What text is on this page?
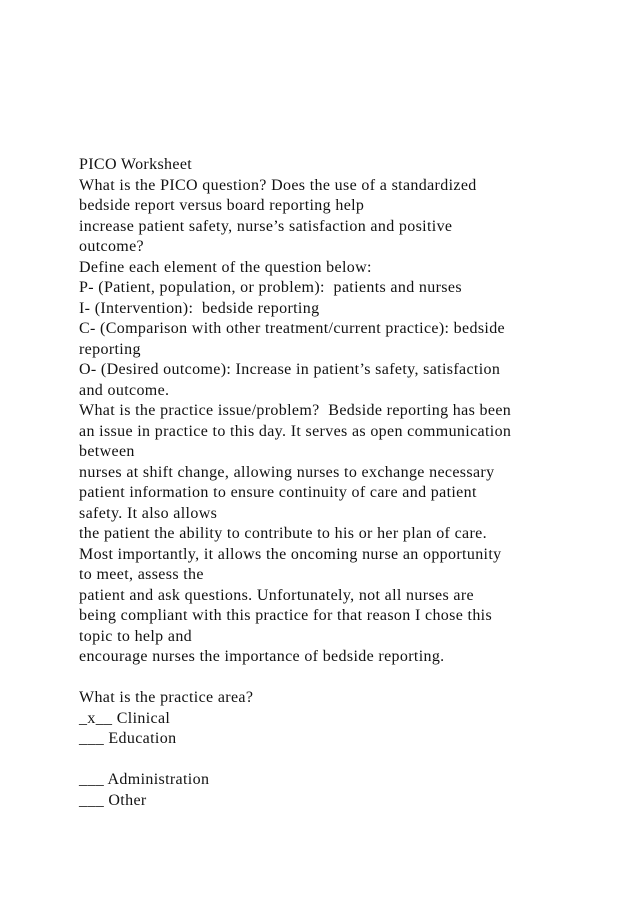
PICO Worksheet
What is the PICO question? Does the use of a standardized
bedside report versus board reporting help
increase patient safety, nurse’s satisfaction and positive
outcome?
Define each element of the question below:
P- (Patient, population, or problem):  patients and nurses
I- (Intervention):  bedside reporting
C- (Comparison with other treatment/current practice): bedside
reporting
O- (Desired outcome): Increase in patient’s safety, satisfaction
and outcome.
What is the practice issue/problem?  Bedside reporting has been
an issue in practice to this day. It serves as open communication
between
nurses at shift change, allowing nurses to exchange necessary
patient information to ensure continuity of care and patient
safety. It also allows
the patient the ability to contribute to his or her plan of care.
Most importantly, it allows the oncoming nurse an opportunity
to meet, assess the
patient and ask questions. Unfortunately, not all nurses are
being compliant with this practice for that reason I chose this
topic to help and
encourage nurses the importance of bedside reporting.
What is the practice area?
_x__ Clinical
___ Education
___ Administration
___ Other
